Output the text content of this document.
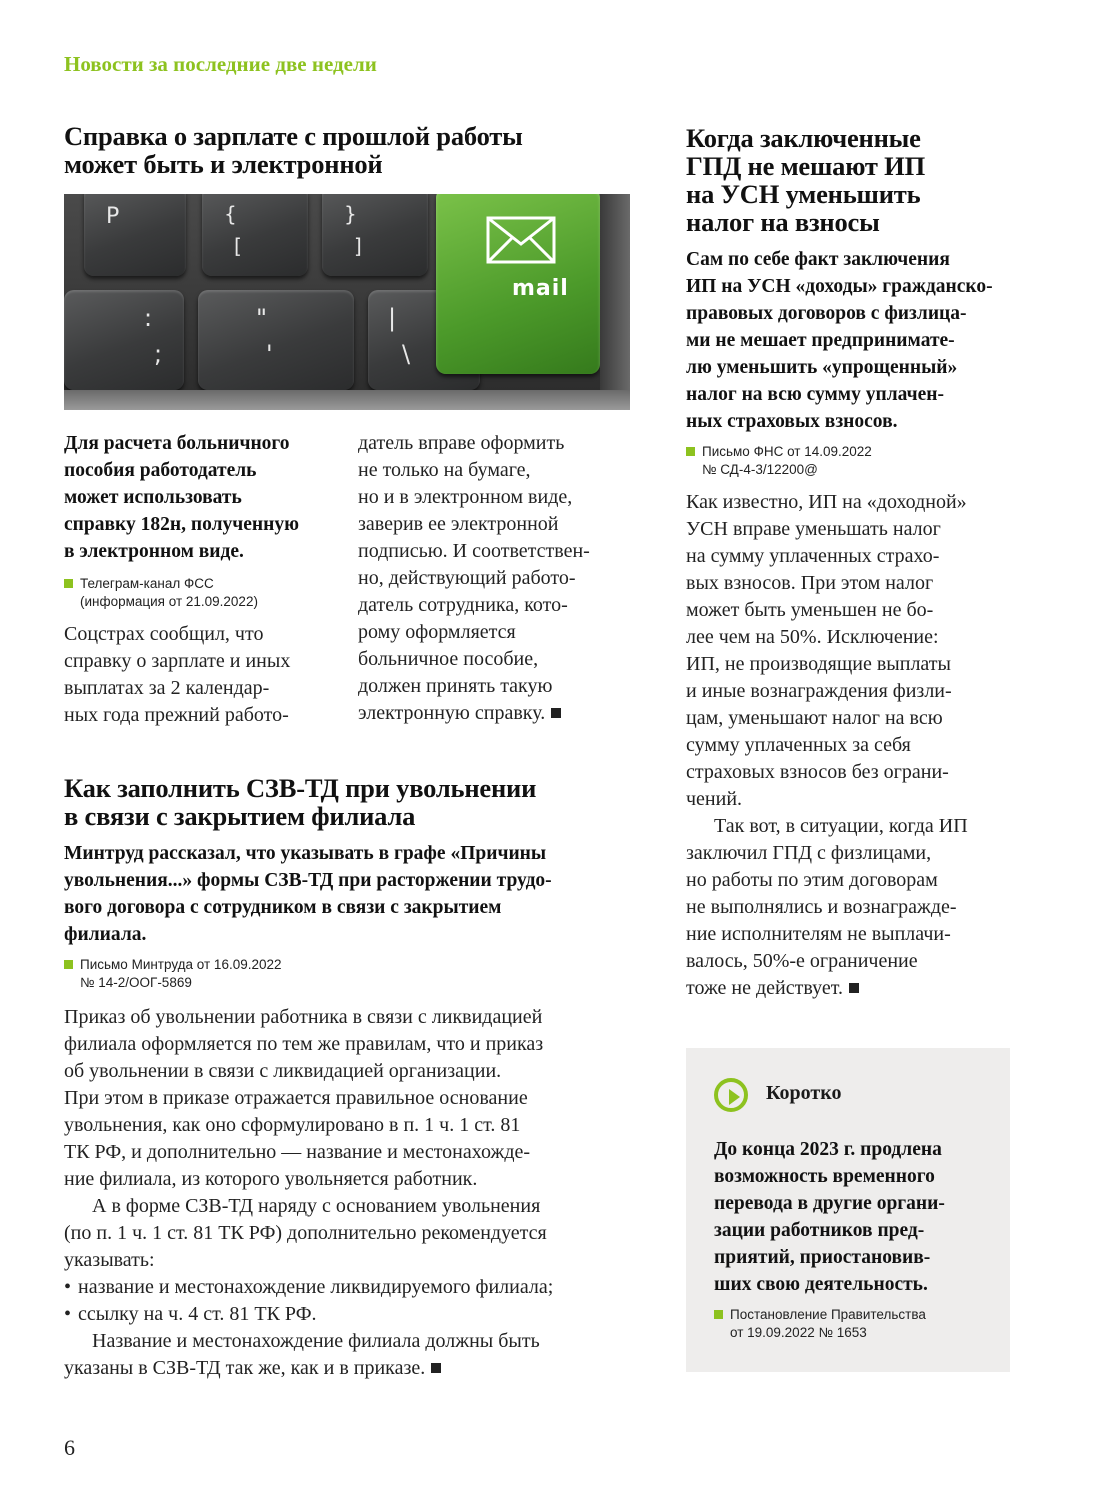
Новости за последние две недели
Справка о зарплате с прошлой работы
может быть и электронной
P	{
[
}
]
:
;
"
'
|
\
mail

Для расчета больничного

пособия работодатель

может использовать

справку 182н, полученную

в электронном виде.

Телеграм-канал ФСС
(информация от 21.09.2022)

Соцстрах сообщил, что

справку о зарплате и иных

выплатах за 2 календар-

ных года прежний работо-

датель вправе оформить

не только на бумаге,

но и в электронном виде,

заверив ее электронной

подписью. И соответствен-

но, действующий работо-

датель сотрудника, кото-

рому оформляется

больничное пособие,

должен принять такую

электронную справку.

Как заполнить СЗВ-ТД при увольнении
в связи с закрытием филиала

Минтруд рассказал, что указывать в графе «Причины

увольнения...» формы СЗВ-ТД при расторжении трудо-

вого договора с сотрудником в связи с закрытием

филиала.

Письмо Минтруда от 16.09.2022
№ 14-2/ООГ-5869

Приказ об увольнении работника в связи с ликвидацией

филиала оформляется по тем же правилам, что и приказ

об увольнении в связи с ликвидацией организации.

При этом в приказе отражается правильное основание

увольнения, как оно сформулировано в п. 1 ч. 1 ст. 81

ТК РФ, и дополнительно — название и местонахожде-

ние филиала, из которого увольняется работник.

А в форме СЗВ-ТД наряду с основанием увольнения

(по п. 1 ч. 1 ст. 81 ТК РФ) дополнительно рекомендуется

указывать:

• название и местонахождение ликвидируемого филиала;
• ссылку на ч. 4 ст. 81 ТК РФ.

Название и местонахождение филиала должны быть

указаны в СЗВ-ТД так же, как и в приказе.

Когда заключенные
ГПД не мешают ИП
на УСН уменьшить
налог на взносы

Сам по себе факт заключения

ИП на УСН «доходы» гражданско-

правовых договоров с физлица-

ми не мешает предпринимате-

лю уменьшить «упрощенный»

налог на всю сумму уплачен-

ных страховых взносов.

Письмо ФНС от 14.09.2022
№ СД-4-3/12200@

Как известно, ИП на «доходной»

УСН вправе уменьшать налог

на сумму уплаченных страхо-

вых взносов. При этом налог

может быть уменьшен не бо-

лее чем на 50%. Исключение:

ИП, не производящие выплаты

и иные вознаграждения физли-

цам, уменьшают налог на всю

сумму уплаченных за себя

страховых взносов без ограни-

чений.

Так вот, в ситуации, когда ИП

заключил ГПД с физлицами,

но работы по этим договорам

не выполнялись и вознагражде-

ние исполнителям не выплачи-

валось, 50%-е ограничение

тоже не действует.

Коротко

До конца 2023 г. продлена

возможность временного

перевода в другие органи-

зации работников пред-

приятий, приостановив-

ших свою деятельность.

Постановление Правительства
от 19.09.2022 № 1653
6
